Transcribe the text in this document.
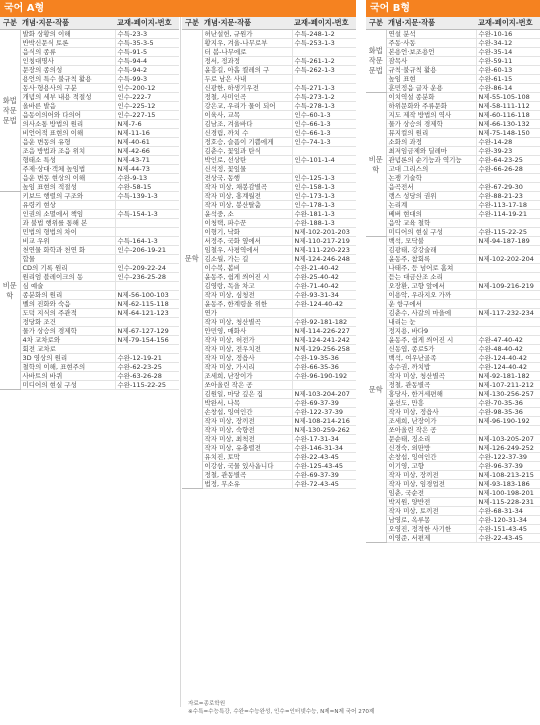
국어 A형
구분	개념·지문·작품	교재-페이지-번호
화법 작문 문법	발화 상황의 이해	수특-23-3
	반박신문식 토론	수특-35-3-5
	음식의 종류	수특-91-5
	인칭대명사	수특-94-4
	문장의 종의성	수특-94-2
	용언의 특수 불규칙 활용	수특-99-3
	동사·형용사의 구분	인수-200-12
	개념의 세부 내용 적절성	인수-222-7
	올바른 발음	인수-225-12
	음동이의어와 다의어	인수-227-15
	의사소통 방법의 원리	N제-7-6
	비언어적 표현의 이해	N제-11-16
	음운 변동의 유형	N제-40-61
	조음 방법과 조음 위치	N제-42-66
	형태소 특성	N제-43-71
	주제·상대·객체 높임법	N제-44-73
	음운 변동 현상의 이해	수완-9-13
	높임 표현의 적절성	수완-58-15
비문학	키보드 행렬의 구조와	수특-139-1-3
	유령키 현상	
	인권의 소멸에서 책임	수특-154-1-3
	과 불법 행위를 통해 본	
	민법의 형법의 차이	
	비교 우위	수특-164-1-3
	천연물 화학과 천연 화	인수-206-19-21
	합물	
	CD의 기록 원리	인수-209-22-24
	원리엄 블레이크의 동	인수-236-25-28
	심 예술	
	종분화의 원리	N제-56-100-103
	벨의 진화와 숙음	N제-62-115-118
	도덕 지식의 주관적	N제-64-121-123
	정당화 조건	
	물가 상승의 경제학	N제-67-127-129
	4차 교차로와	N제-79-154-156
	회전 교차로	
	3D 영상의 원리	수완-12-19-21
	철학의 이해, 표현주의	수완-62-23-25
	사바트의 바퀴	수완-63-26-28
	미디어의 현실 구성	수완-115-22-25
구분	개념·지문·작품	교재-페이지-번호
문학	허난설헌, 규원가	수특-248-1-2
	황지우, 겨울-나무로부	수특-253-1-3
	터 봄-나무에로	
	정서, 정과정	수특-261-1-2
	윤흥길, 아홉 켤레의 구	수특-262-1-3
	두로 남은 사내	
	신광한, 하생기우전	수특-271-1-3
	정철, 사미인곡	수특-273-1-2
	강은교, 우리가 물이 되어	수특-278-1-3
	이육사, 교목	인수-60-1-3
	김남조, 겨울바다	인수-66-1-3
	신경림, 까치 수	인수-66-1-3
	정호승, 슬픔이 기쁨에게	인수-74-1-3
	김춘수, 꽃잎과 탄식	
	박인로, 선상탄	인수-101-1-4
	신석정, 꽃잎물	
	전상국, 동행	인수-125-1-3
	작자 미상, 채봉감별곡	인수-158-1-3
	작자 미상, 홍계월전	인수-173-1-3
	작자 미상, 봉산탈춤	인수-178-1-3
	윤석중, 소	수완-181-1-3
	이청택, 파수꾼	수완-188-1-3
	이형기, 낙화	N제-102-201-203
	서정주, 국화 옆에서	N제-110-217-219
	임철우, 사평역에서	N제-111-220-223
	김소월, 가는 길	N제-124-246-248
	이수복, 봄비	수완-21-40-42
	윤동주, 쉽게 씌어진 시	수완-25-40-42
	김영랑, 독을 차고	수완-71-40-42
	작자 미상, 심청전	수완-93-31-34
	윤동주, 한계령을 위한	수완-124-40-42
	연가	
	작자 미상, 청산별곡	수완-92-181-182
	안민영, 매화사	N제-114-226-227
	작자 미상, 허전가	N제-124-241-242
	작자 미상, 전우치전	N제-129-256-258
	작자 미상, 정읍사	수완-19-35-36
	작자 미상, 가시리	수완-66-35-36
	조세희, 난장이가	수완-96-190-192
	쏘아올린 작은 공	
	김원일, 마당 깊은 집	N제-103-204-207
	박완서, 나목	수완-69-37-39
	손창섭, 잉여인간	수완-122-37-39
	작자 미상, 장끼전	N제-108-214-216
	작자 미상, 숙향전	N제-130-259-262
	작자 미상, 최척전	수완-17-31-34
	작자 미상, 유충렬전	수완-146-31-34
	유치진, 토막	수완-22-43-45
	이강삼, 국물 있사옵니다	수완-125-43-45
	정철, 관동별곡	수완-69-37-39
	법정, 무소유	수완-72-43-45
자료=종로학원
※수특=수능특강, 수완=수능완성, 인수=인터넷수능, N제=N제 국어 270제
국어 B형
구분	개념·지문·작품	교재-페이지-번호
화법 작문 문법	연설 분석	수완-10-16
	주동·사동	수완-34-12
	본용언·보조용언	수완-35-14
	잠목사	수완-59-11
	규칙·불규칙 활용	수완-60-13
	높임 표현	수완-61-15
	훈민정음 글자 운용	수완-86-14
비문학	이치역설 종분화	N제-55-105-108
	하위문화와 주류문화	N제-58-111-112
	지도 제작 방법의 역사	N제-60-116-118
	물가 상승의 경제학	N제-66-130-132
	뮤지컬의 원리	N제-75-148-150
	소화의 과정	수완-14-28
	최저임금제와 딜레마	수완-39-23
	관념론의 순기능과 역기능	수완-64-23-25
	고대 그리스의	수완-66-26-28
	논쟁 기술학	
	음곡전서	수완-67-29-30
	랭스 성당의 권위	수완-88-21-23
	논리계	수완-113-17-18
	베버 현대의	수완-114-19-21
	음악 교육 철학	
	미디어의 현실 구성	수완-115-22-25
문학	백석, 모닥불	N제-94-187-189
	김광태, 강강술래	
	윤동주, 참회록	N제-102-202-204
	나태주, 등 넘어로 홈쳐	
	듣는 대금산조 소리	
	오장환, 고향 앞에서	N제-109-216-219
	이용악, 우라지오 가까	
	운 항구에서	
	김춘수, 사갈의 마을에	N제-117-232-234
	내리는 눈	
	정지용, 바다9	
	윤동주, 쉽게 씌어진 시	수완-47-40-42
	신동엽, 종로5가	수완-48-40-42
	백석, 여우난골족	수완-124-40-42
	송수권, 까치밥	수완-124-40-42
	작자 미상, 청산별곡	N제-92-181-182
	정철, 관동별곡	N제-107-211-212
	홍당사, 한거세편해	N제-130-256-257
	윤선도, 만흥	수완-70-35-36
	작자 미상, 정읍사	수완-98-35-36
	조세희, 난장이가	N제-96-190-192
	쏘아올린 작은 공	
	문순태, 징소리	N제-103-205-207
	신경숙, 외딴방	N제-126-249-252
	손창섭, 잉여인간	수완-122-37-39
	이기영, 고향	수완-96-37-39
	작자 미상, 장끼전	N제-108-213-215
	작자 미상, 임경업전	N제-93-183-186
	임춘, 국순전	N제-100-198-201
	박지원, 양반전	N제-115-228-231
	작자 미상, 토끼전	수완-68-31-34
	남영로, 옥루몽	수완-120-31-34
	오영진, 정적한 사기한	수완-151-43-45
	이영준, 서편제	수완-22-43-45
